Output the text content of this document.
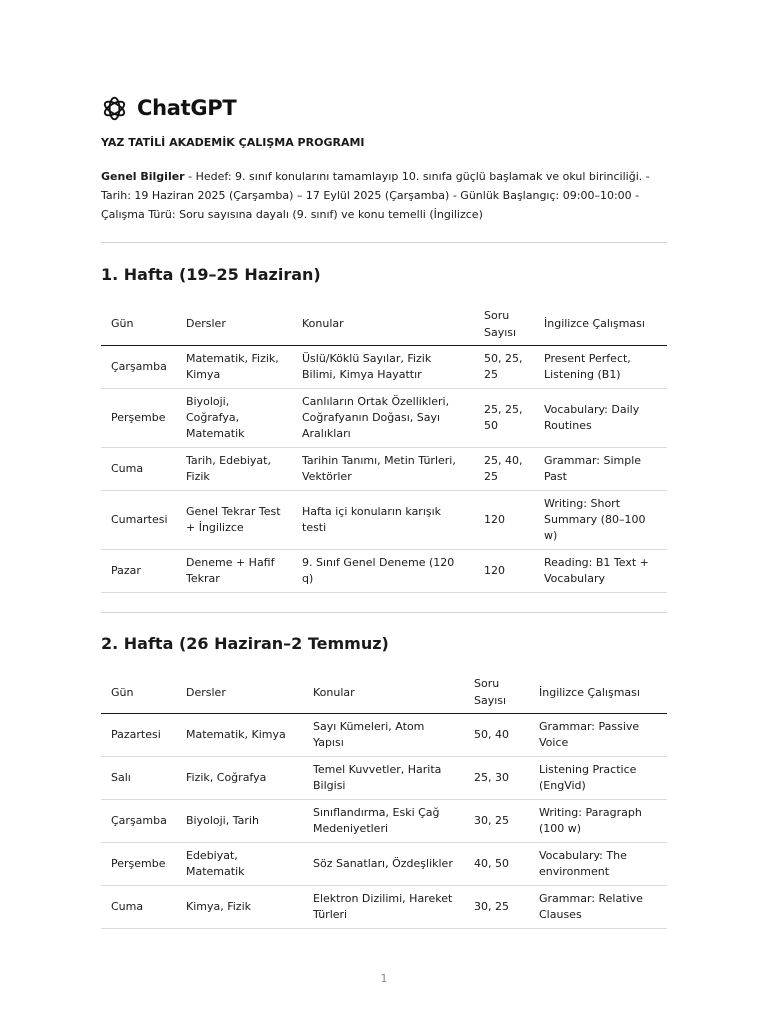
ChatGPT
YAZ TATİLİ AKADEMİK ÇALIŞMA PROGRAMI
Genel Bilgiler - Hedef: 9. sınıf konularını tamamlayıp 10. sınıfa güçlü başlamak ve okul birinciliği. - Tarih: 19 Haziran 2025 (Çarşamba) – 17 Eylül 2025 (Çarşamba) - Günlük Başlangıç: 09:00–10:00 - Çalışma Türü: Soru sayısına dayalı (9. sınıf) ve konu temelli (İngilizce)
1. Hafta (19–25 Haziran)
Gün	Dersler	Konular	Soru Sayısı	İngilizce Çalışması
Çarşamba	Matematik, Fizik, Kimya	Üslü/Köklü Sayılar, Fizik Bilimi, Kimya Hayattır	50, 25, 25	Present Perfect, Listening (B1)
Perşembe	Biyoloji, Coğrafya, Matematik	Canlıların Ortak Özellikleri, Coğrafyanın Doğası, Sayı Aralıkları	25, 25, 50	Vocabulary: Daily Routines
Cuma	Tarih, Edebiyat, Fizik	Tarihin Tanımı, Metin Türleri, Vektörler	25, 40, 25	Grammar: Simple Past
Cumartesi	Genel Tekrar Test + İngilizce	Hafta içi konuların karışık testi	120	Writing: Short Summary (80–100 w)
Pazar	Deneme + Hafif Tekrar	9. Sınıf Genel Deneme (120 q)	120	Reading: B1 Text + Vocabulary
2. Hafta (26 Haziran–2 Temmuz)
Gün	Dersler	Konular	Soru Sayısı	İngilizce Çalışması
Pazartesi	Matematik, Kimya	Sayı Kümeleri, Atom Yapısı	50, 40	Grammar: Passive Voice
Salı	Fizik, Coğrafya	Temel Kuvvetler, Harita Bilgisi	25, 30	Listening Practice (EngVid)
Çarşamba	Biyoloji, Tarih	Sınıflandırma, Eski Çağ Medeniyetleri	30, 25	Writing: Paragraph (100 w)
Perşembe	Edebiyat, Matematik	Söz Sanatları, Özdeşlikler	40, 50	Vocabulary: The environment
Cuma	Kimya, Fizik	Elektron Dizilimi, Hareket Türleri	30, 25	Grammar: Relative Clauses
1
